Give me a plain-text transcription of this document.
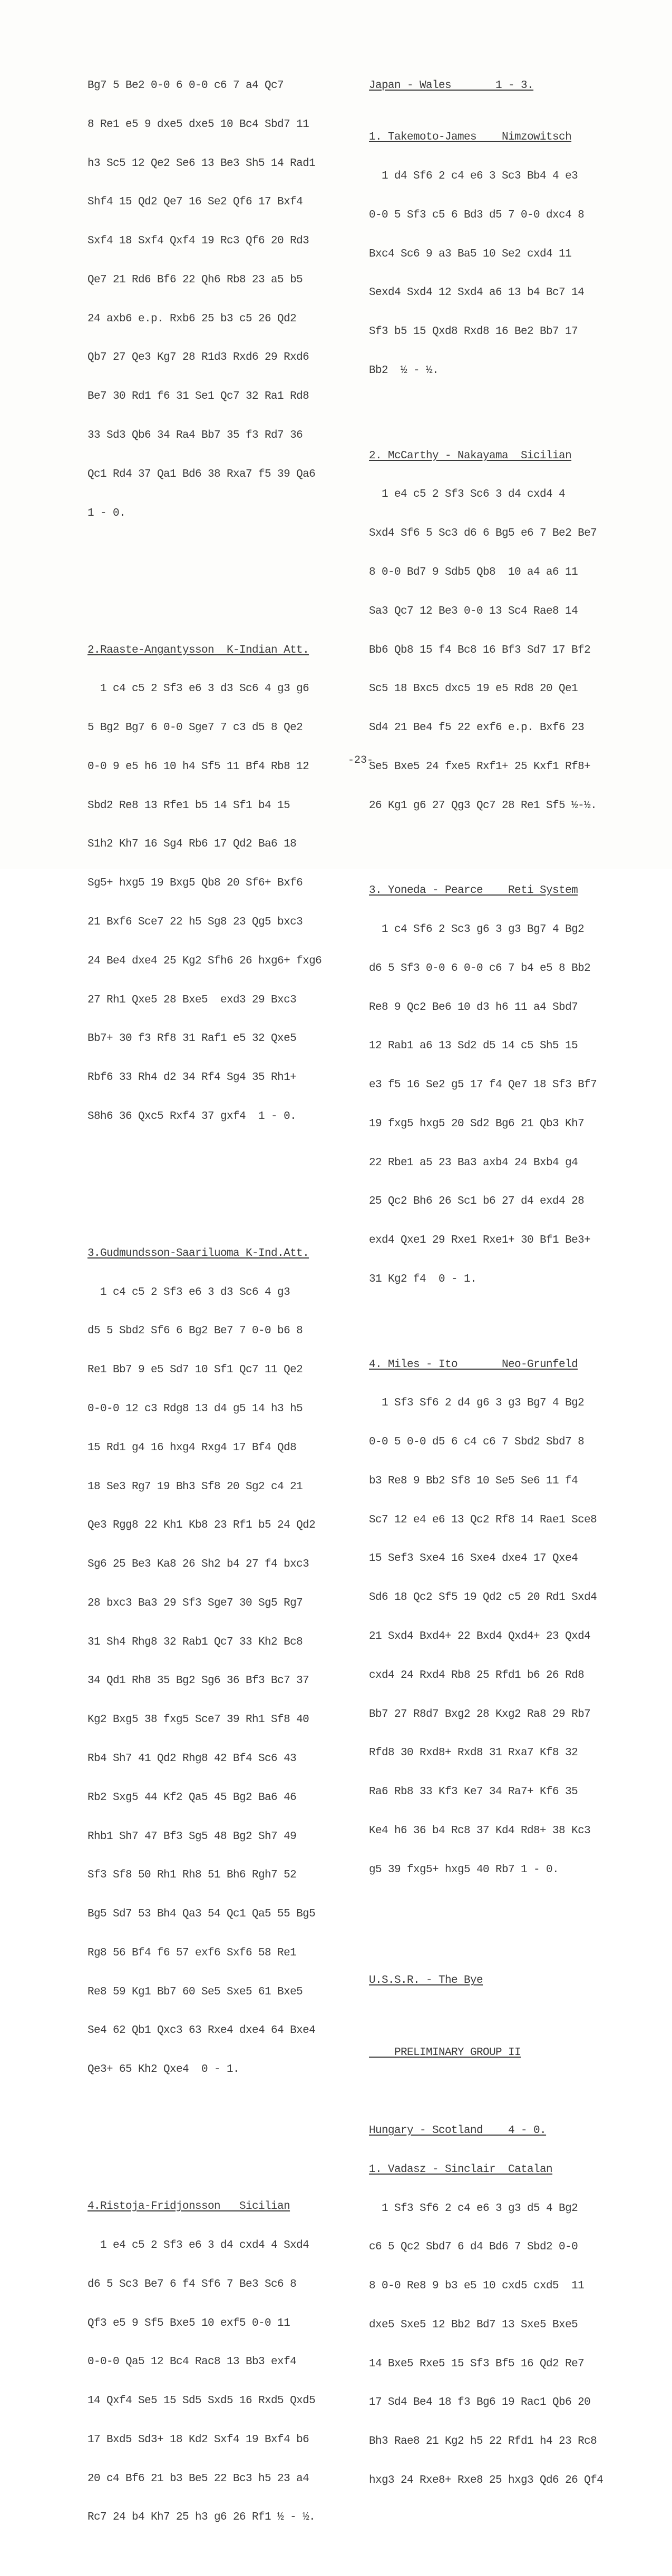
Bg7 5 Be2 0-0 6 0-0 c6 7 a4 Qc7

8 Re1 e5 9 dxe5 dxe5 10 Bc4 Sbd7 11

h3 Sc5 12 Qe2 Se6 13 Be3 Sh5 14 Rad1

Shf4 15 Qd2 Qe7 16 Se2 Qf6 17 Bxf4

Sxf4 18 Sxf4 Qxf4 19 Rc3 Qf6 20 Rd3

Qe7 21 Rd6 Bf6 22 Qh6 Rb8 23 a5 b5

24 axb6 e.p. Rxb6 25 b3 c5 26 Qd2

Qb7 27 Qe3 Kg7 28 R1d3 Rxd6 29 Rxd6

Be7 30 Rd1 f6 31 Se1 Qc7 32 Ra1 Rd8

33 Sd3 Qb6 34 Ra4 Bb7 35 f3 Rd7 36

Qc1 Rd4 37 Qa1 Bd6 38 Rxa7 f5 39 Qa6

1 - 0.

2.Raaste-Angantysson  K-Indian Att.

1 c4 c5 2 Sf3 e6 3 d3 Sc6 4 g3 g6

5 Bg2 Bg7 6 0-0 Sge7 7 c3 d5 8 Qe2

0-0 9 e5 h6 10 h4 Sf5 11 Bf4 Rb8 12

Sbd2 Re8 13 Rfe1 b5 14 Sf1 b4 15

S1h2 Kh7 16 Sg4 Rb6 17 Qd2 Ba6 18

Sg5+ hxg5 19 Bxg5 Qb8 20 Sf6+ Bxf6

21 Bxf6 Sce7 22 h5 Sg8 23 Qg5 bxc3

24 Be4 dxe4 25 Kg2 Sfh6 26 hxg6+ fxg6

27 Rh1 Qxe5 28 Bxe5  exd3 29 Bxc3

Bb7+ 30 f3 Rf8 31 Raf1 e5 32 Qxe5

Rbf6 33 Rh4 d2 34 Rf4 Sg4 35 Rh1+

S8h6 36 Qxc5 Rxf4 37 gxf4  1 - 0.

3.Gudmundsson-Saariluoma K-Ind.Att.

1 c4 c5 2 Sf3 e6 3 d3 Sc6 4 g3

d5 5 Sbd2 Sf6 6 Bg2 Be7 7 0-0 b6 8

Re1 Bb7 9 e5 Sd7 10 Sf1 Qc7 11 Qe2

0-0-0 12 c3 Rdg8 13 d4 g5 14 h3 h5

15 Rd1 g4 16 hxg4 Rxg4 17 Bf4 Qd8

18 Se3 Rg7 19 Bh3 Sf8 20 Sg2 c4 21

Qe3 Rgg8 22 Kh1 Kb8 23 Rf1 b5 24 Qd2

Sg6 25 Be3 Ka8 26 Sh2 b4 27 f4 bxc3

28 bxc3 Ba3 29 Sf3 Sge7 30 Sg5 Rg7

31 Sh4 Rhg8 32 Rab1 Qc7 33 Kh2 Bc8

34 Qd1 Rh8 35 Bg2 Sg6 36 Bf3 Bc7 37

Kg2 Bxg5 38 fxg5 Sce7 39 Rh1 Sf8 40

Rb4 Sh7 41 Qd2 Rhg8 42 Bf4 Sc6 43

Rb2 Sxg5 44 Kf2 Qa5 45 Bg2 Ba6 46

Rhb1 Sh7 47 Bf3 Sg5 48 Bg2 Sh7 49

Sf3 Sf8 50 Rh1 Rh8 51 Bh6 Rgh7 52

Bg5 Sd7 53 Bh4 Qa3 54 Qc1 Qa5 55 Bg5

Rg8 56 Bf4 f6 57 exf6 Sxf6 58 Re1

Re8 59 Kg1 Bb7 60 Se5 Sxe5 61 Bxe5

Se4 62 Qb1 Qxc3 63 Rxe4 dxe4 64 Bxe4

Qe3+ 65 Kh2 Qxe4  0 - 1.

4.Ristoja-Fridjonsson   Sicilian

1 e4 c5 2 Sf3 e6 3 d4 cxd4 4 Sxd4

d6 5 Sc3 Be7 6 f4 Sf6 7 Be3 Sc6 8

Qf3 e5 9 Sf5 Bxe5 10 exf5 0-0 11

0-0-0 Qa5 12 Bc4 Rac8 13 Bb3 exf4

14 Qxf4 Se5 15 Sd5 Sxd5 16 Rxd5 Qxd5

17 Bxd5 Sd3+ 18 Kd2 Sxf4 19 Bxf4 b6

20 c4 Bf6 21 b3 Be5 22 Bc3 h5 23 a4

Rc7 24 b4 Kh7 25 h3 g6 26 Rf1 ½ - ½.

Japan - Wales       1 - 3.

1. Takemoto-James    Nimzowitsch

1 d4 Sf6 2 c4 e6 3 Sc3 Bb4 4 e3

0-0 5 Sf3 c5 6 Bd3 d5 7 0-0 dxc4 8

Bxc4 Sc6 9 a3 Ba5 10 Se2 cxd4 11

Sexd4 Sxd4 12 Sxd4 a6 13 b4 Bc7 14

Sf3 b5 15 Qxd8 Rxd8 16 Be2 Bb7 17

Bb2  ½ - ½.

2. McCarthy - Nakayama  Sicilian

1 e4 c5 2 Sf3 Sc6 3 d4 cxd4 4

Sxd4 Sf6 5 Sc3 d6 6 Bg5 e6 7 Be2 Be7

8 0-0 Bd7 9 Sdb5 Qb8  10 a4 a6 11

Sa3 Qc7 12 Be3 0-0 13 Sc4 Rae8 14

Bb6 Qb8 15 f4 Bc8 16 Bf3 Sd7 17 Bf2

Sc5 18 Bxc5 dxc5 19 e5 Rd8 20 Qe1

Sd4 21 Be4 f5 22 exf6 e.p. Bxf6 23

Se5 Bxe5 24 fxe5 Rxf1+ 25 Kxf1 Rf8+

26 Kg1 g6 27 Qg3 Qc7 28 Re1 Sf5 ½-½.

3. Yoneda - Pearce    Reti System

1 c4 Sf6 2 Sc3 g6 3 g3 Bg7 4 Bg2

d6 5 Sf3 0-0 6 0-0 c6 7 b4 e5 8 Bb2

Re8 9 Qc2 Be6 10 d3 h6 11 a4 Sbd7

12 Rab1 a6 13 Sd2 d5 14 c5 Sh5 15

e3 f5 16 Se2 g5 17 f4 Qe7 18 Sf3 Bf7

19 fxg5 hxg5 20 Sd2 Bg6 21 Qb3 Kh7

22 Rbe1 a5 23 Ba3 axb4 24 Bxb4 g4

25 Qc2 Bh6 26 Sc1 b6 27 d4 exd4 28

exd4 Qxe1 29 Rxe1 Rxe1+ 30 Bf1 Be3+

31 Kg2 f4  0 - 1.

4. Miles - Ito       Neo-Grunfeld

1 Sf3 Sf6 2 d4 g6 3 g3 Bg7 4 Bg2

0-0 5 0-0 d5 6 c4 c6 7 Sbd2 Sbd7 8

b3 Re8 9 Bb2 Sf8 10 Se5 Se6 11 f4

Sc7 12 e4 e6 13 Qc2 Rf8 14 Rae1 Sce8

15 Sef3 Sxe4 16 Sxe4 dxe4 17 Qxe4

Sd6 18 Qc2 Sf5 19 Qd2 c5 20 Rd1 Sxd4

21 Sxd4 Bxd4+ 22 Bxd4 Qxd4+ 23 Qxd4

cxd4 24 Rxd4 Rb8 25 Rfd1 b6 26 Rd8

Bb7 27 R8d7 Bxg2 28 Kxg2 Ra8 29 Rb7

Rfd8 30 Rxd8+ Rxd8 31 Rxa7 Kf8 32

Ra6 Rb8 33 Kf3 Ke7 34 Ra7+ Kf6 35

Ke4 h6 36 b4 Rc8 37 Kd4 Rd8+ 38 Kc3

g5 39 fxg5+ hxg5 40 Rb7 1 - 0.

U.S.S.R. - The Bye

PRELIMINARY GROUP II

Hungary - Scotland    4 - 0.

1. Vadasz - Sinclair  Catalan

1 Sf3 Sf6 2 c4 e6 3 g3 d5 4 Bg2

c6 5 Qc2 Sbd7 6 d4 Bd6 7 Sbd2 0-0

8 0-0 Re8 9 b3 e5 10 cxd5 cxd5  11

dxe5 Sxe5 12 Bb2 Bd7 13 Sxe5 Bxe5

14 Bxe5 Rxe5 15 Sf3 Bf5 16 Qd2 Re7

17 Sd4 Be4 18 f3 Bg6 19 Rac1 Qb6 20

Bh3 Rae8 21 Kg2 h5 22 Rfd1 h4 23 Rc8

hxg3 24 Rxe8+ Rxe8 25 hxg3 Qd6 26 Qf4

-23-
